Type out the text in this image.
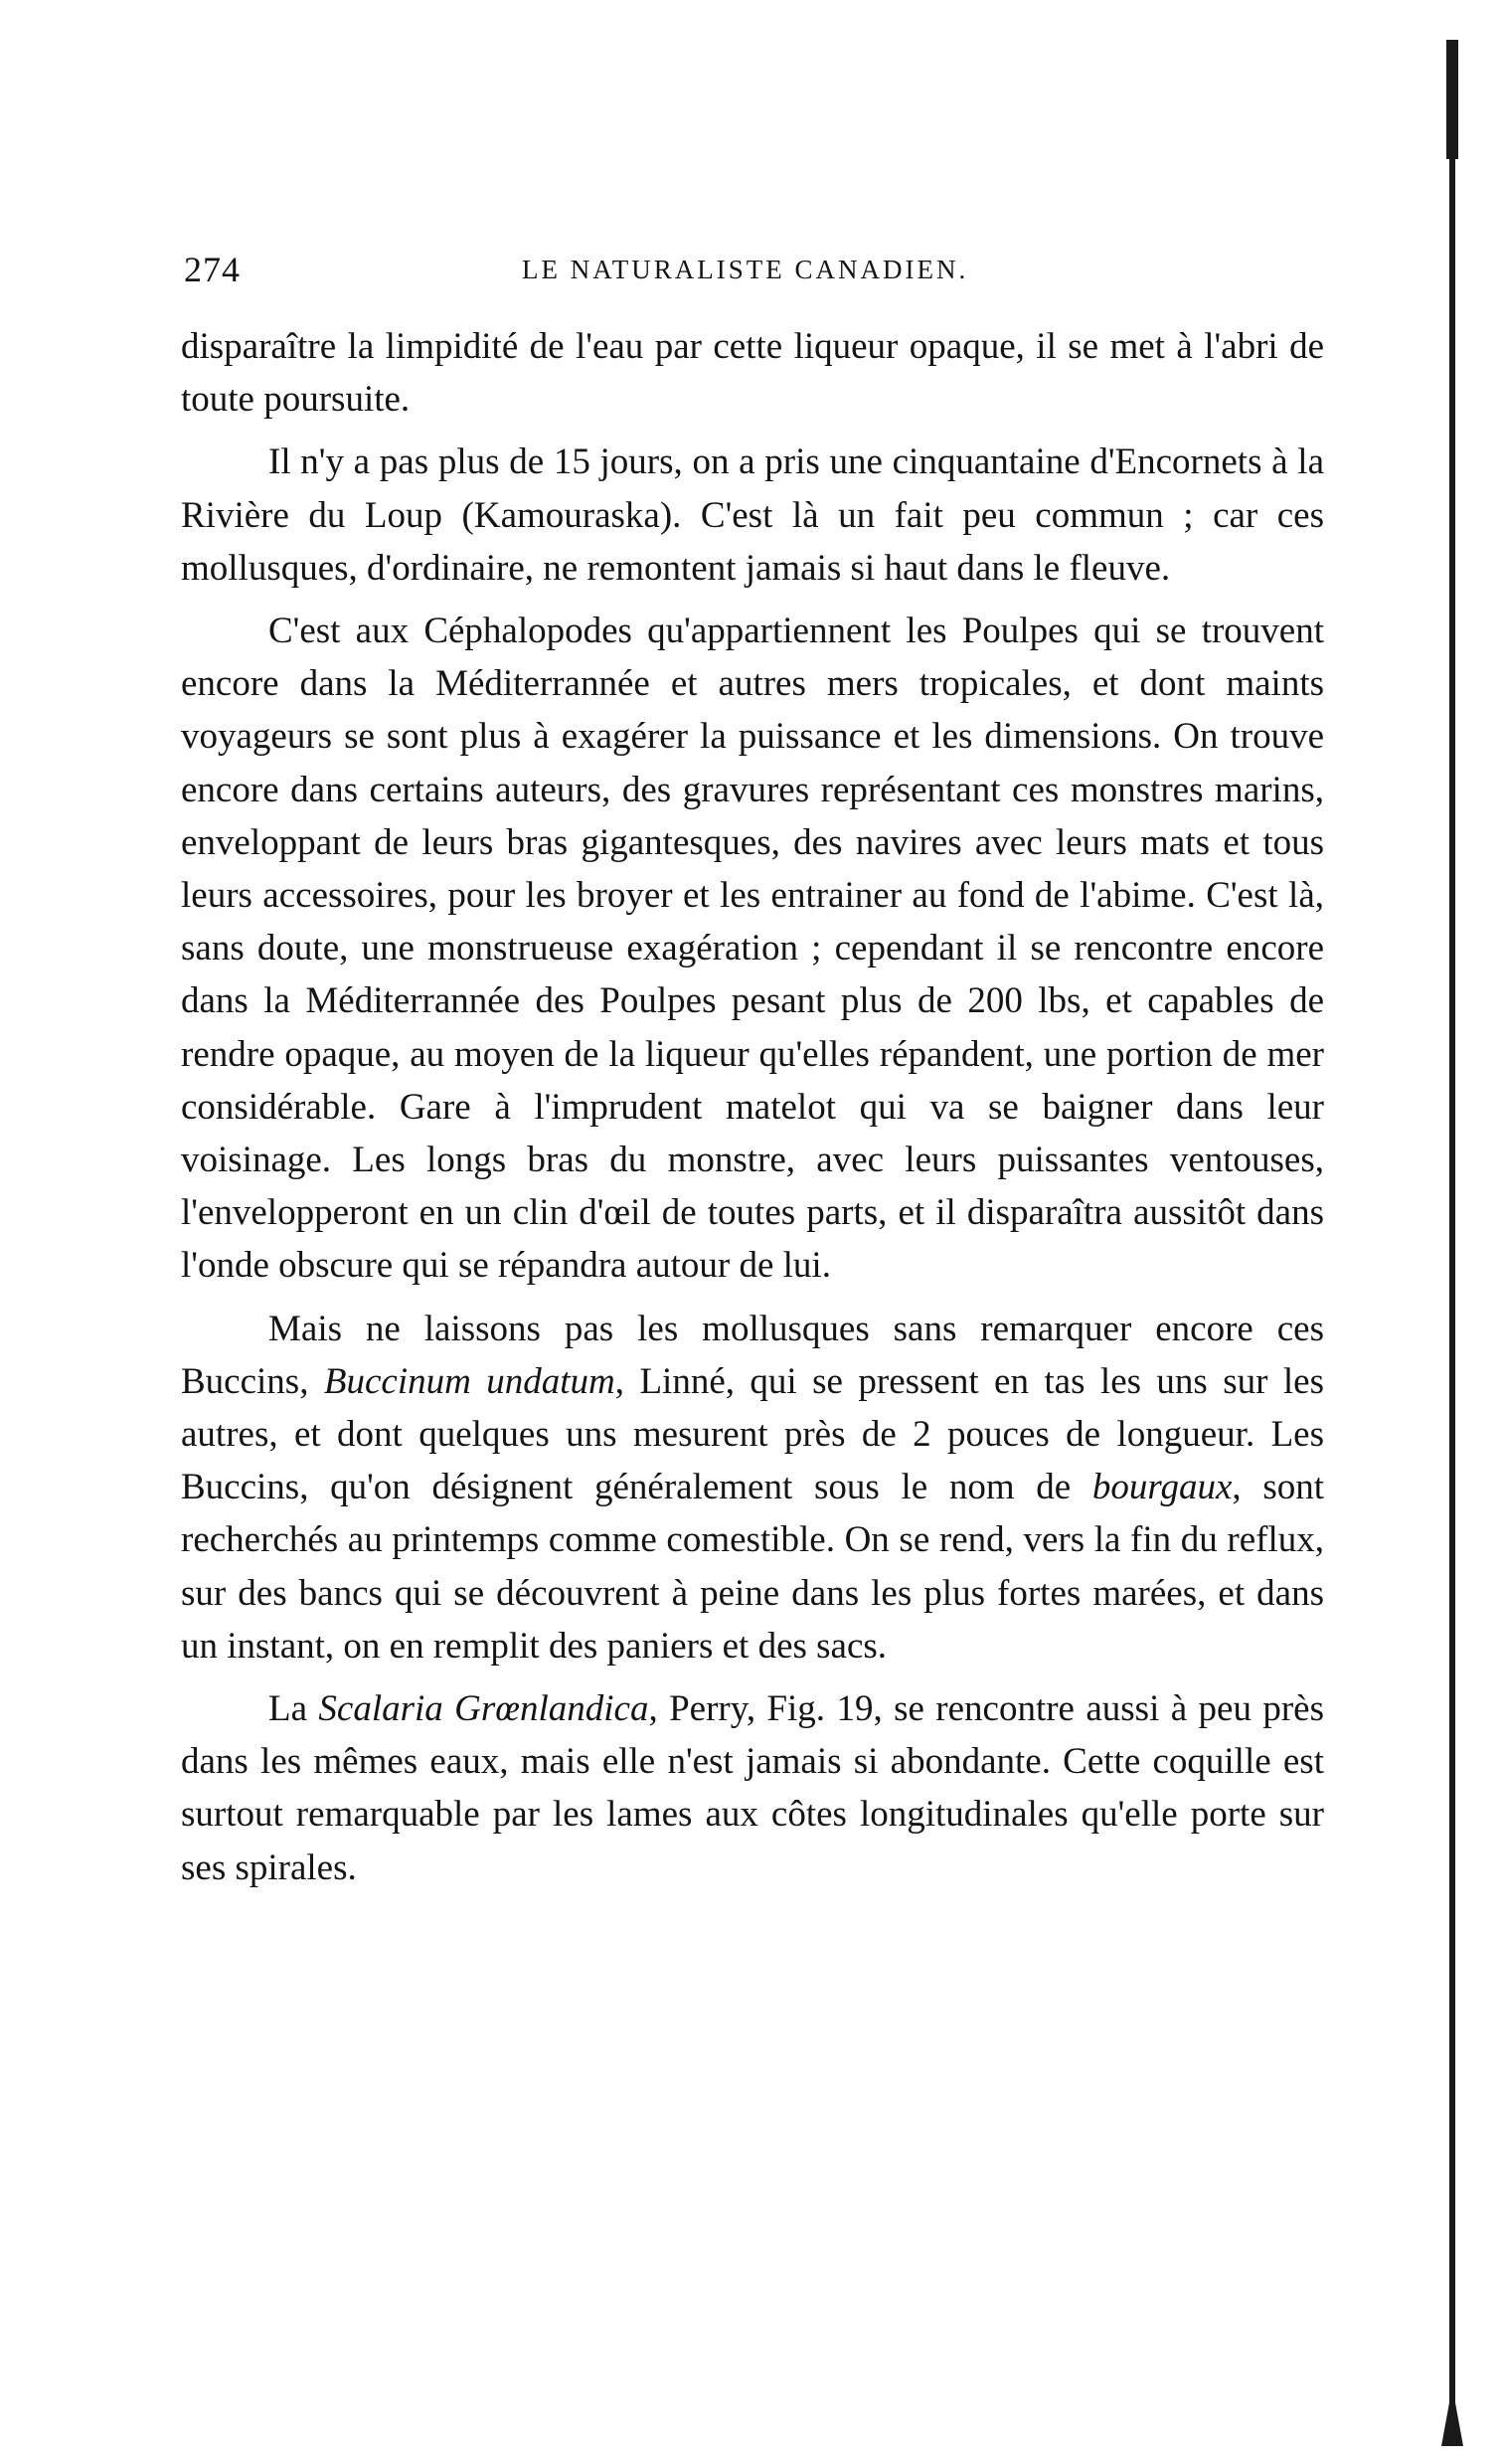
274	LE NATURALISTE CANADIEN.

disparaître la limpidité de l'eau par cette liqueur opaque, il se met à l'abri de toute poursuite.

Il n'y a pas plus de 15 jours, on a pris une cinquantaine d'Encornets à la Rivière du Loup (Kamouraska). C'est là un fait peu commun ; car ces mollusques, d'ordinaire, ne remontent jamais si haut dans le fleuve.

C'est aux Céphalopodes qu'appartiennent les Poulpes qui se trouvent encore dans la Méditerrannée et autres mers tropicales, et dont maints voyageurs se sont plus à exagérer la puissance et les dimensions. On trouve encore dans certains auteurs, des gravures représentant ces monstres marins, enveloppant de leurs bras gigantesques, des navires avec leurs mats et tous leurs accessoires, pour les broyer et les entrainer au fond de l'abime. C'est là, sans doute, une monstrueuse exagération ; cependant il se rencontre encore dans la Méditerrannée des Poulpes pesant plus de 200 lbs, et capables de rendre opaque, au moyen de la liqueur qu'elles répandent, une portion de mer considérable. Gare à l'imprudent matelot qui va se baigner dans leur voisinage. Les longs bras du monstre, avec leurs puissantes ventouses, l'envelopperont en un clin d'œil de toutes parts, et il disparaîtra aussitôt dans l'onde obscure qui se répandra autour de lui.

Mais ne laissons pas les mollusques sans remarquer encore ces Buccins, Buccinum undatum, Linné, qui se pressent en tas les uns sur les autres, et dont quelques uns mesurent près de 2 pouces de longueur. Les Buccins, qu'on désignent généralement sous le nom de bourgaux, sont recherchés au printemps comme comestible. On se rend, vers la fin du reflux, sur des bancs qui se découvrent à peine dans les plus fortes marées, et dans un instant, on en remplit des paniers et des sacs.

La Scalaria Grœnlandica, Perry, Fig. 19, se rencontre aussi à peu près dans les mêmes eaux, mais elle n'est jamais si abondante. Cette coquille est surtout remarquable par les lames aux côtes longitudinales qu'elle porte sur ses spirales.
